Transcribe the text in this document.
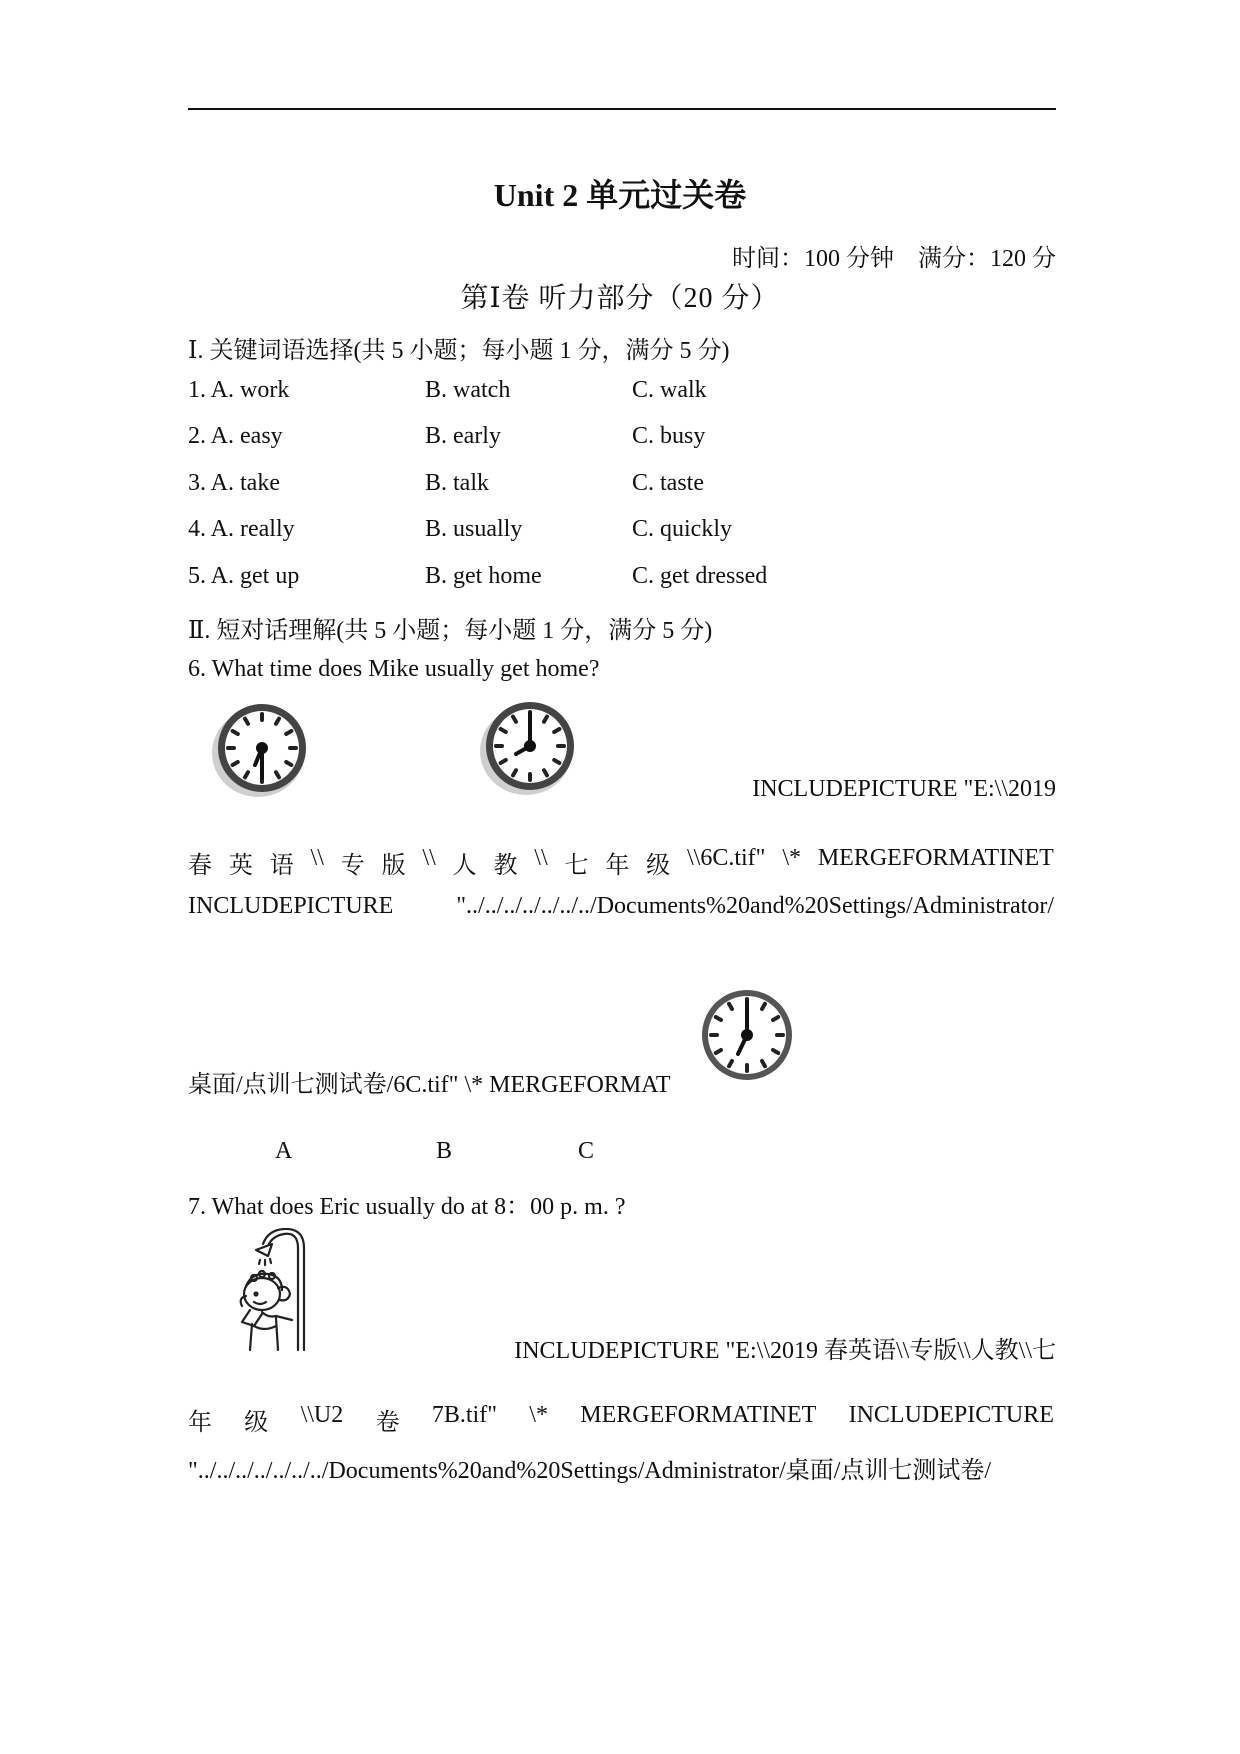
Unit 2 单元过关卷
时间：100 分钟　满分：120 分
第Ⅰ卷 听力部分（20 分）
Ⅰ. 关键词语选择(共 5 小题；每小题 1 分，满分 5 分)
1. A. work	B. watch	C. walk
2. A. easy	B. early	C. busy
3. A. take	B. talk	C. taste
4. A. really	B. usually	C. quickly
5. A. get up	B. get home	C. get dressed
Ⅱ. 短对话理解(共 5 小题；每小题 1 分，满分 5 分)
6. What time does Mike usually get home?
INCLUDEPICTURE "E:\\2019
春 英 语 \\ 专 版 \\ 人 教 \\ 七 年 级 \\6C.tif" \* MERGEFORMATINET
INCLUDEPICTURE	"../../../../../../../Documents%20and%20Settings/Administrator/
桌面/点训七测试卷/6C.tif" \* MERGEFORMAT
A	B	C
7. What does Eric usually do at 8：00 p. m. ?
INCLUDEPICTURE "E:\\2019 春英语\\专版\\人教\\七
年 级 \\U2 卷 7B.tif" \* MERGEFORMATINET INCLUDEPICTURE
"../../../../../../../Documents%20and%20Settings/Administrator/桌面/点训七测试卷/
